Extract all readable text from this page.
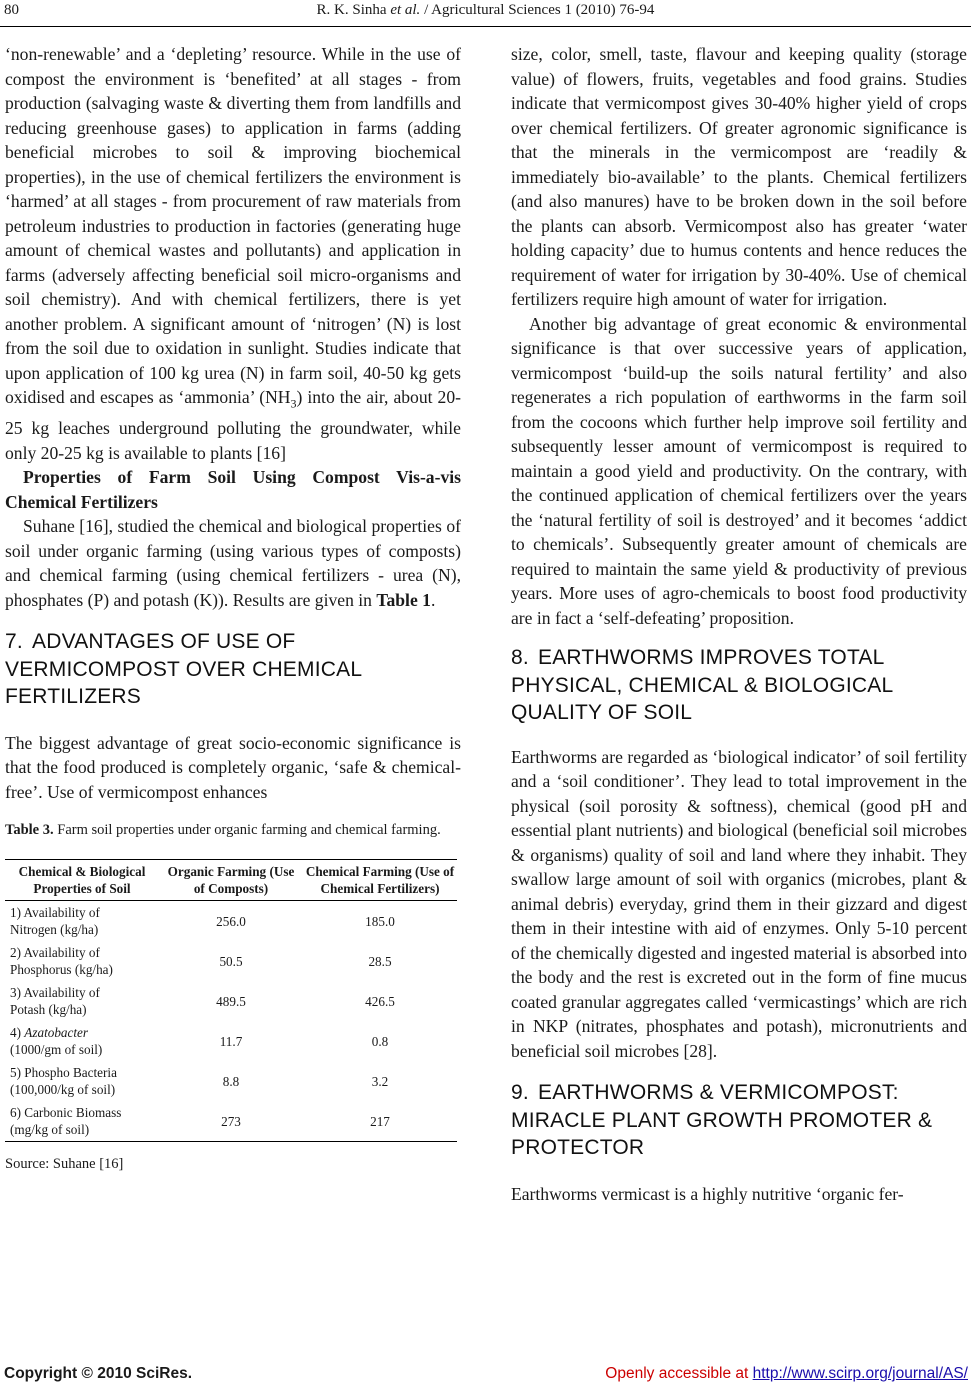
80	R. K. Sinha et al. / Agricultural Sciences 1 (2010) 76-94

‘non-renewable’ and a ‘depleting’ resource. While in the use of compost the environment is ‘benefited’ at all stages - from production (salvaging waste & diverting them from landfills and reducing greenhouse gases) to application in farms (adding beneficial microbes to soil & improving biochemical properties), in the use of chemical fertilizers the environment is ‘harmed’ at all stages - from procurement of raw materials from petroleum industries to production in factories (generating huge amount of chemical wastes and pollutants) and application in farms (adversely affecting beneficial soil micro-organisms and soil chemistry). And with chemical fertilizers, there is yet another problem. A significant amount of ‘nitrogen’ (N) is lost from the soil due to oxidation in sunlight. Studies indicate that upon application of 100 kg urea (N) in farm soil, 40-50 kg gets oxidised and escapes as ‘ammonia’ $(NH_3)$ into the air, about 20-25 kg leaches underground polluting the groundwater, while only 20-25 kg is available to plants [16]

Properties of Farm Soil Using Compost Vis-a-vis Chemical Fertilizers

Suhane [16], studied the chemical and biological properties of soil under organic farming (using various types of composts) and chemical farming (using chemical fertilizers - urea (N), phosphates (P) and potash (K)). Results are given in Table 1.

7. ADVANTAGES OF USE OF VERMICOMPOST OVER CHEMICAL FERTILIZERS

The biggest advantage of great socio-economic significance is that the food produced is completely organic, ‘safe & chemical-free’. Use of vermicompost enhances

Table 3. Farm soil properties under organic farming and chemical farming.

Chemical & Biological Properties of Soil	Organic Farming (Use of Composts)	Chemical Farming (Use of Chemical Fertilizers)

1) Availability of
Nitrogen (kg/ha)	256.0	185.0

2) Availability of
Phosphorus (kg/ha)	50.5	28.5

3) Availability of
Potash (kg/ha)	489.5	426.5

4) Azatobacter
(1000/gm of soil)	11.7	0.8

5) Phospho Bacteria
(100,000/kg of soil)	8.8	3.2

6) Carbonic Biomass
(mg/kg of soil)	273	217

Source: Suhane [16]

size, color, smell, taste, flavour and keeping quality (storage value) of flowers, fruits, vegetables and food grains. Studies indicate that vermicompost gives 30-40% higher yield of crops over chemical fertilizers. Of greater agronomic significance is that the minerals in the vermicompost are ‘readily & immediately bio-available’ to the plants. Chemical fertilizers (and also manures) have to be broken down in the soil before the plants can absorb. Vermicompost also has greater ‘water holding capacity’ due to humus contents and hence reduces the requirement of water for irrigation by 30-40%. Use of chemical fertilizers require high amount of water for irrigation.

Another big advantage of great economic & environmental significance is that over successive years of application, vermicompost ‘build-up the soils natural fertility’ and also regenerates a rich population of earthworms in the farm soil from the cocoons which further help improve soil fertility and subsequently lesser amount of vermicompost is required to maintain a good yield and productivity. On the contrary, with the continued application of chemical fertilizers over the years the ‘natural fertility of soil is destroyed’ and it becomes ‘addict to chemicals’. Subsequently greater amount of chemicals are required to maintain the same yield & productivity of previous years. More uses of agro-chemicals to boost food productivity are in fact a ‘self-defeating’ proposition.

8. EARTHWORMS IMPROVES TOTAL PHYSICAL, CHEMICAL & BIOLOGICAL QUALITY OF SOIL

Earthworms are regarded as ‘biological indicator’ of soil fertility and a ‘soil conditioner’. They lead to total improvement in the physical (soil porosity & softness), chemical (good pH and essential plant nutrients) and biological (beneficial soil microbes & organisms) quality of soil and land where they inhabit. They swallow large amount of soil with organics (microbes, plant & animal debris) everyday, grind them in their gizzard and digest them in their intestine with aid of enzymes. Only 5-10 percent of the chemically digested and ingested material is absorbed into the body and the rest is excreted out in the form of fine mucus coated granular aggregates called ‘vermicastings’ which are rich in NKP (nitrates, phosphates and potash), micronutrients and beneficial soil microbes [28].

9. EARTHWORMS & VERMICOMPOST: MIRACLE PLANT GROWTH PROMOTER & PROTECTOR

Earthworms vermicast is a highly nutritive ‘organic fer-

Copyright © 2010 SciRes.	Openly accessible at http://www.scirp.org/journal/AS/
